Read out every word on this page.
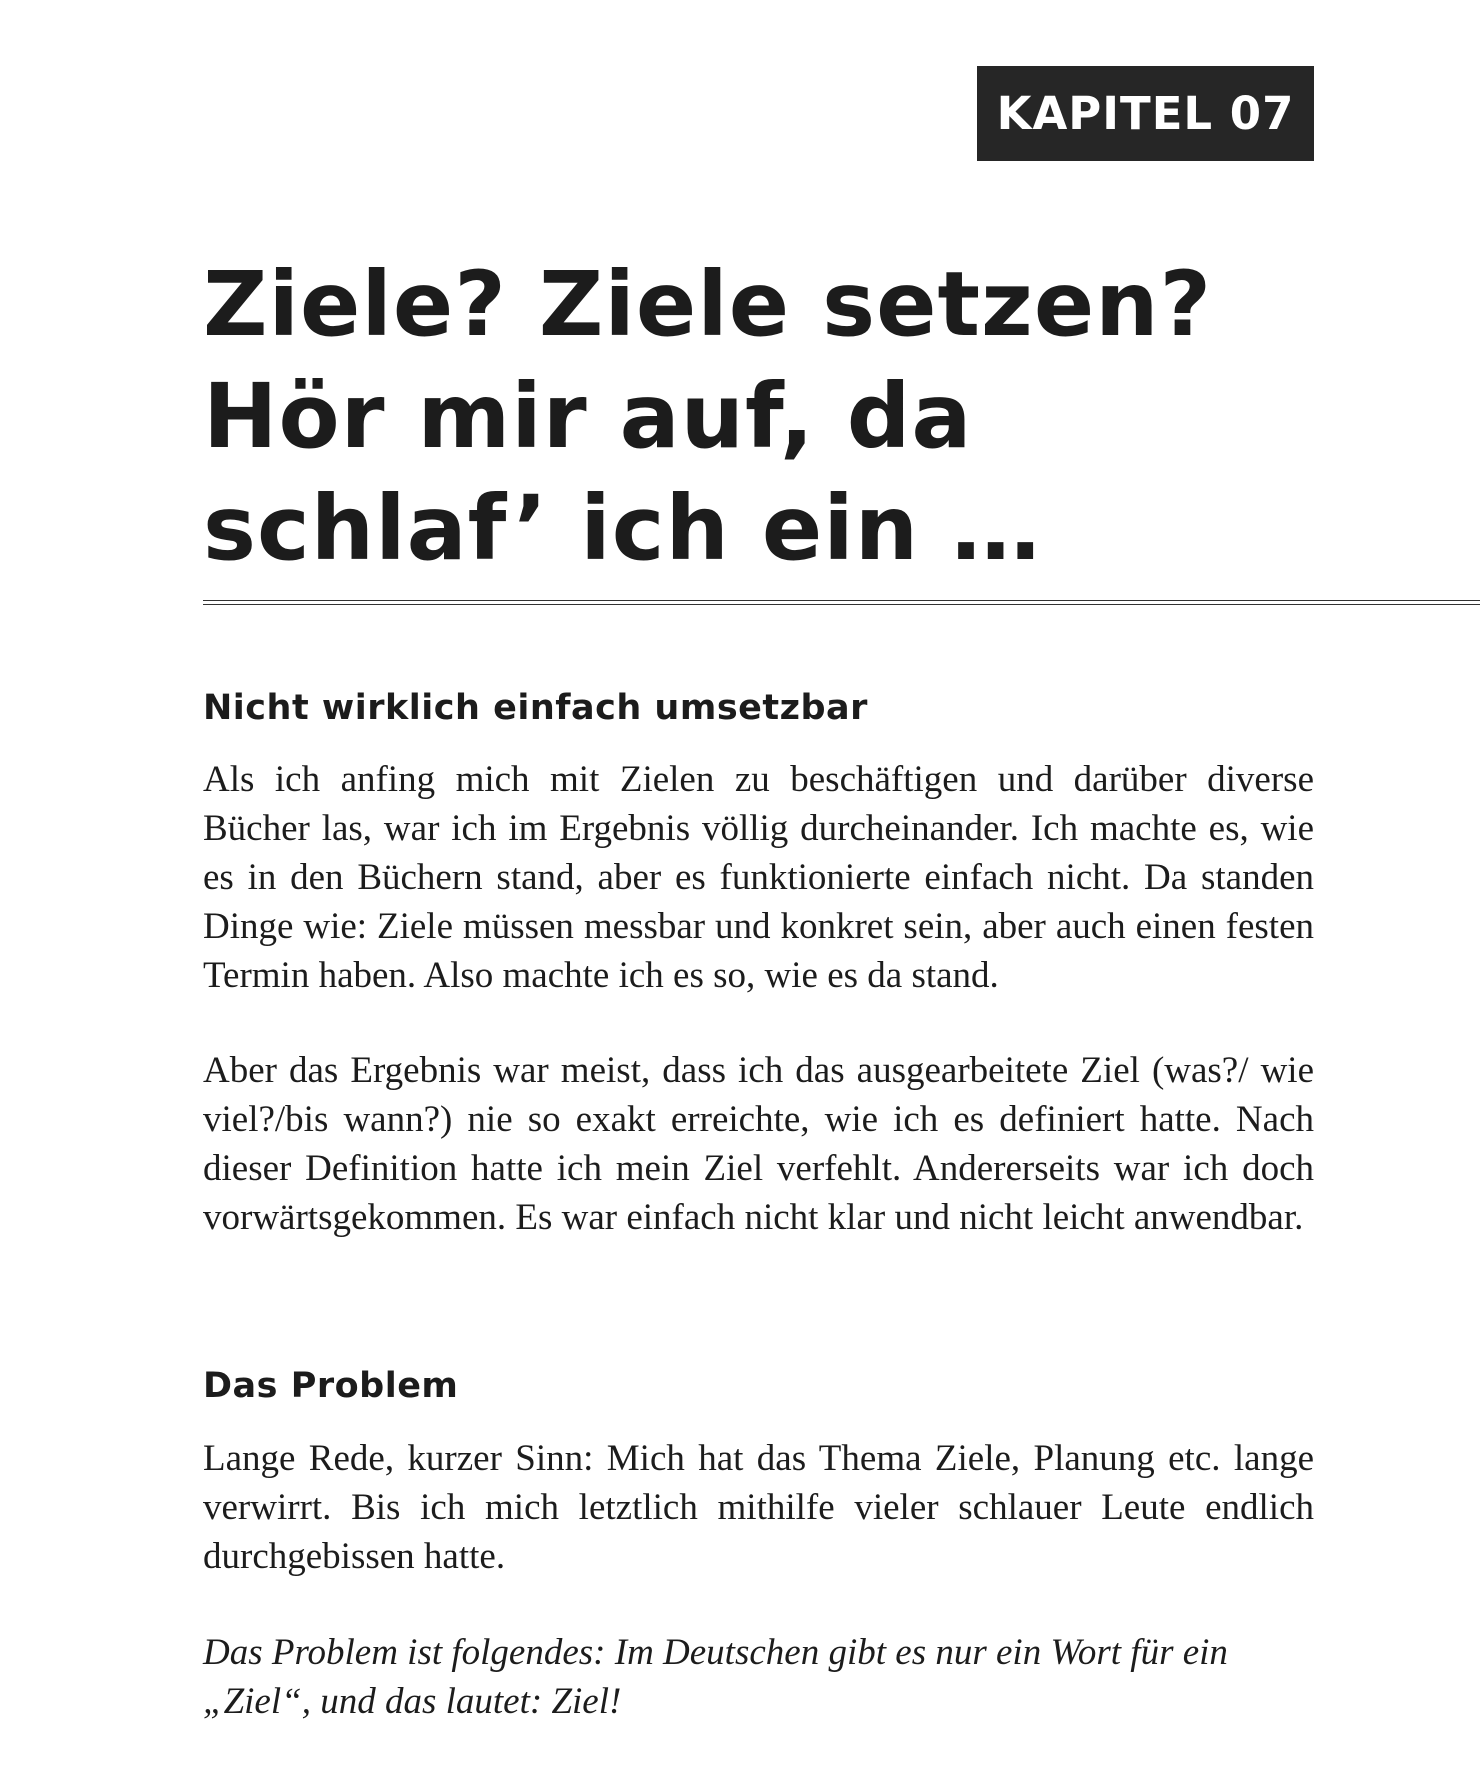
KAPITEL 07
Ziele? Ziele setzen?
Hör mir auf, da
schlaf’ ich ein …
Nicht wirklich einfach umsetzbar

Als ich anfing mich mit Zielen zu beschäftigen und darüber diverse Bücher las, war ich im Ergebnis völlig durcheinander. Ich machte es, wie es in den Büchern stand, aber es funktionierte einfach nicht. Da standen Dinge wie: Ziele müssen messbar und konkret sein, aber auch einen festen Termin haben. Also machte ich es so, wie es da stand.

Aber das Ergebnis war meist, dass ich das ausgearbeitete Ziel (was?/ wie viel?/bis wann?) nie so exakt erreichte, wie ich es definiert hatte. Nach dieser Definition hatte ich mein Ziel verfehlt. Andererseits war ich doch vorwärtsgekommen. Es war einfach nicht klar und nicht leicht anwendbar.

Das Problem

Lange Rede, kurzer Sinn: Mich hat das Thema Ziele, Planung etc. lange verwirrt. Bis ich mich letztlich mithilfe vieler schlauer Leute endlich durchgebissen hatte.

Das Problem ist folgendes: Im Deutschen gibt es nur ein Wort für ein „Ziel“, und das lautet: Ziel!
